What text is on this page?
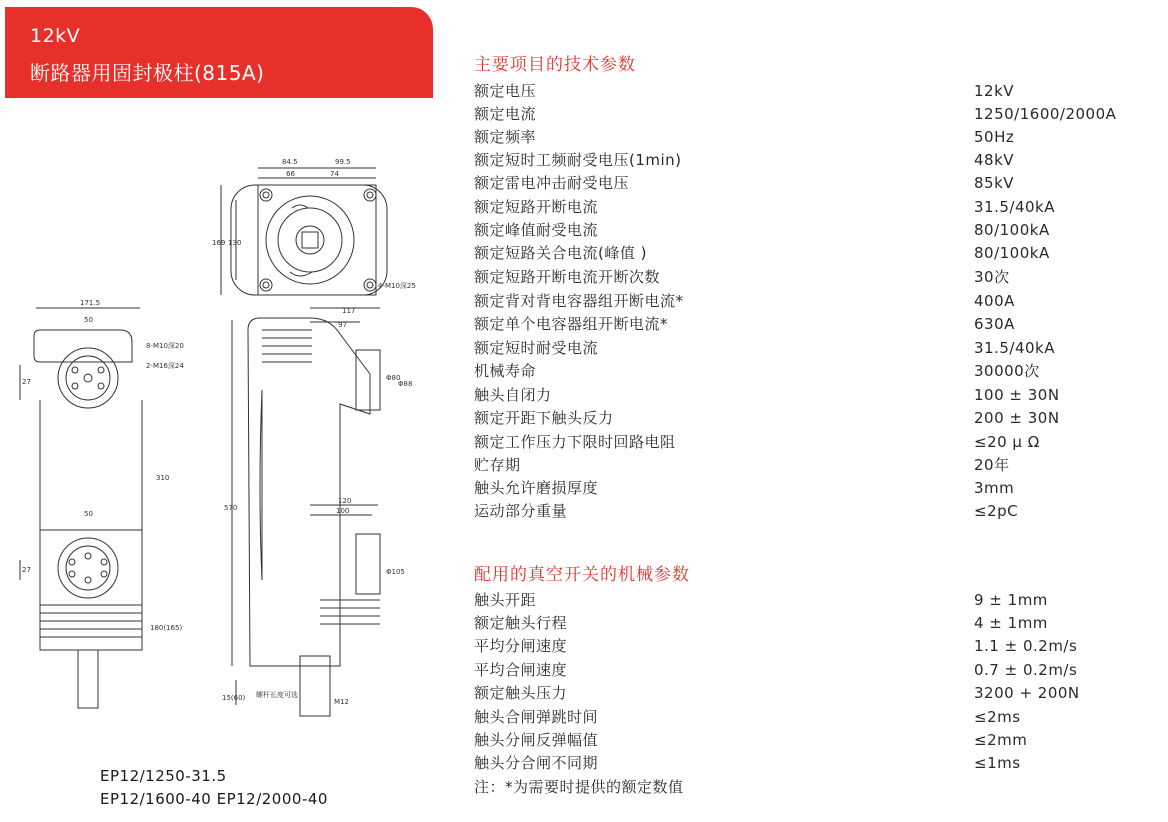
12kV
断路器用固封极柱(815A)
84.5	99.5
66	74
169 130
4-M10深25
171.5
50
8-M10深20
2-M16深24
27
310
50
27
180(165)
117
97
Φ80
Φ88
570
120
100
Φ105
15(60) 螺杆长度可选
M12
主要项目的技术参数
额定电压	12kV
额定电流	1250/1600/2000A
额定频率	50Hz
额定短时工频耐受电压(1min)	48kV
额定雷电冲击耐受电压	85kV
额定短路开断电流	31.5/40kA
额定峰值耐受电流	80/100kA
额定短路关合电流(峰值 )	80/100kA
额定短路开断电流开断次数	30次
额定背对背电容器组开断电流*	400A
额定单个电容器组开断电流*	630A
额定短时耐受电流	31.5/40kA
机械寿命	30000次
触头自闭力	100 ± 30N
额定开距下触头反力	200 ± 30N
额定工作压力下限时回路电阻	≤20 μ Ω
贮存期	20年
触头允许磨损厚度	3mm
运动部分重量	≤2pC
配用的真空开关的机械参数
触头开距	9 ± 1mm
额定触头行程	4 ± 1mm
平均分闸速度	1.1 ± 0.2m/s
平均合闸速度	0.7 ± 0.2m/s
额定触头压力	3200 + 200N
触头合闸弹跳时间	≤2ms
触头分闸反弹幅值	≤2mm
触头分合闸不同期	≤1ms
注：*为需要时提供的额定数值
EP12/1250-31.5
EP12/1600-40 EP12/2000-40
